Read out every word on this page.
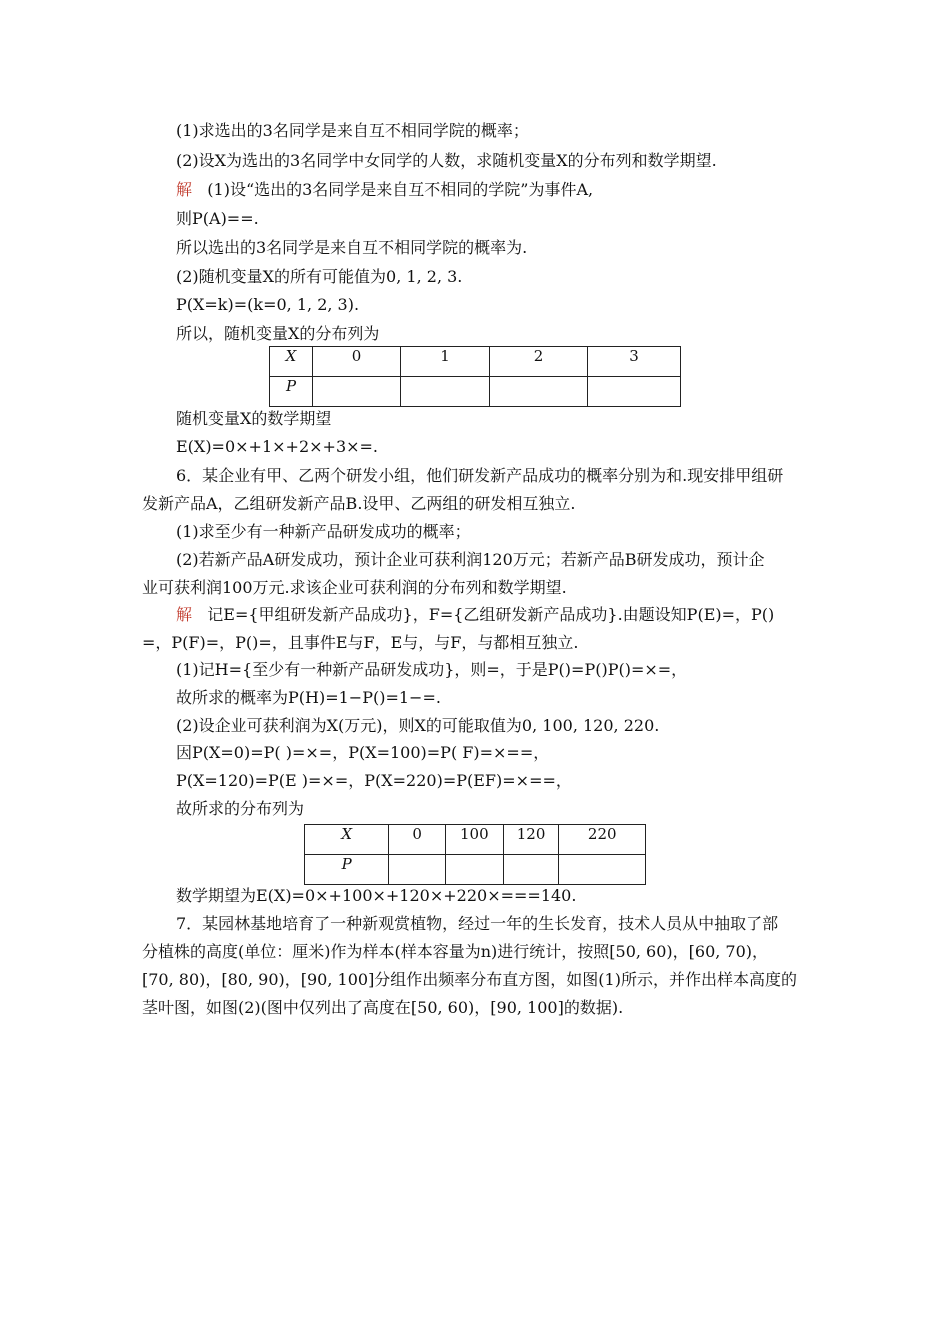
(1)求选出的3名同学是来自互不相同学院的概率；
(2)设X为选出的3名同学中女同学的人数，求随机变量X的分布列和数学期望.
解 (1)设“选出的3名同学是来自互不相同的学院”为事件A,
则P(A)==.
所以选出的3名同学是来自互不相同学院的概率为.
(2)随机变量X的所有可能值为0, 1, 2, 3.
P(X=k)=(k=0, 1, 2, 3).
所以，随机变量X的分布列为
X	0	1	2	3
P				
随机变量X的数学期望
E(X)=0×+1×+2×+3×=.
6．某企业有甲、乙两个研发小组，他们研发新产品成功的概率分别为和.现安排甲组研
发新产品A，乙组研发新产品B.设甲、乙两组的研发相互独立.
(1)求至少有一种新产品研发成功的概率；
(2)若新产品A研发成功，预计企业可获利润120万元；若新产品B研发成功，预计企
业可获利润100万元.求该企业可获利润的分布列和数学期望.
解 记E={甲组研发新产品成功}，F={乙组研发新产品成功}.由题设知P(E)=，P()
=，P(F)=，P()=，且事件E与F，E与，与F，与都相互独立.
(1)记H={至少有一种新产品研发成功}，则=，于是P()=P()P()=×=，
故所求的概率为P(H)=1−P()=1−=.
(2)设企业可获利润为X(万元)，则X的可能取值为0, 100, 120, 220.
因P(X=0)=P( )=×=，P(X=100)=P( F)=×==，
P(X=120)=P(E )=×=，P(X=220)=P(EF)=×==，
故所求的分布列为
X	0	100	120	220
P				
数学期望为E(X)=0×+100×+120×+220×===140.
7．某园林基地培育了一种新观赏植物，经过一年的生长发育，技术人员从中抽取了部
分植株的高度(单位：厘米)作为样本(样本容量为n)进行统计，按照[50, 60)，[60, 70)，
[70, 80)，[80, 90)，[90, 100]分组作出频率分布直方图，如图(1)所示，并作出样本高度的
茎叶图，如图(2)(图中仅列出了高度在[50, 60)，[90, 100]的数据).
